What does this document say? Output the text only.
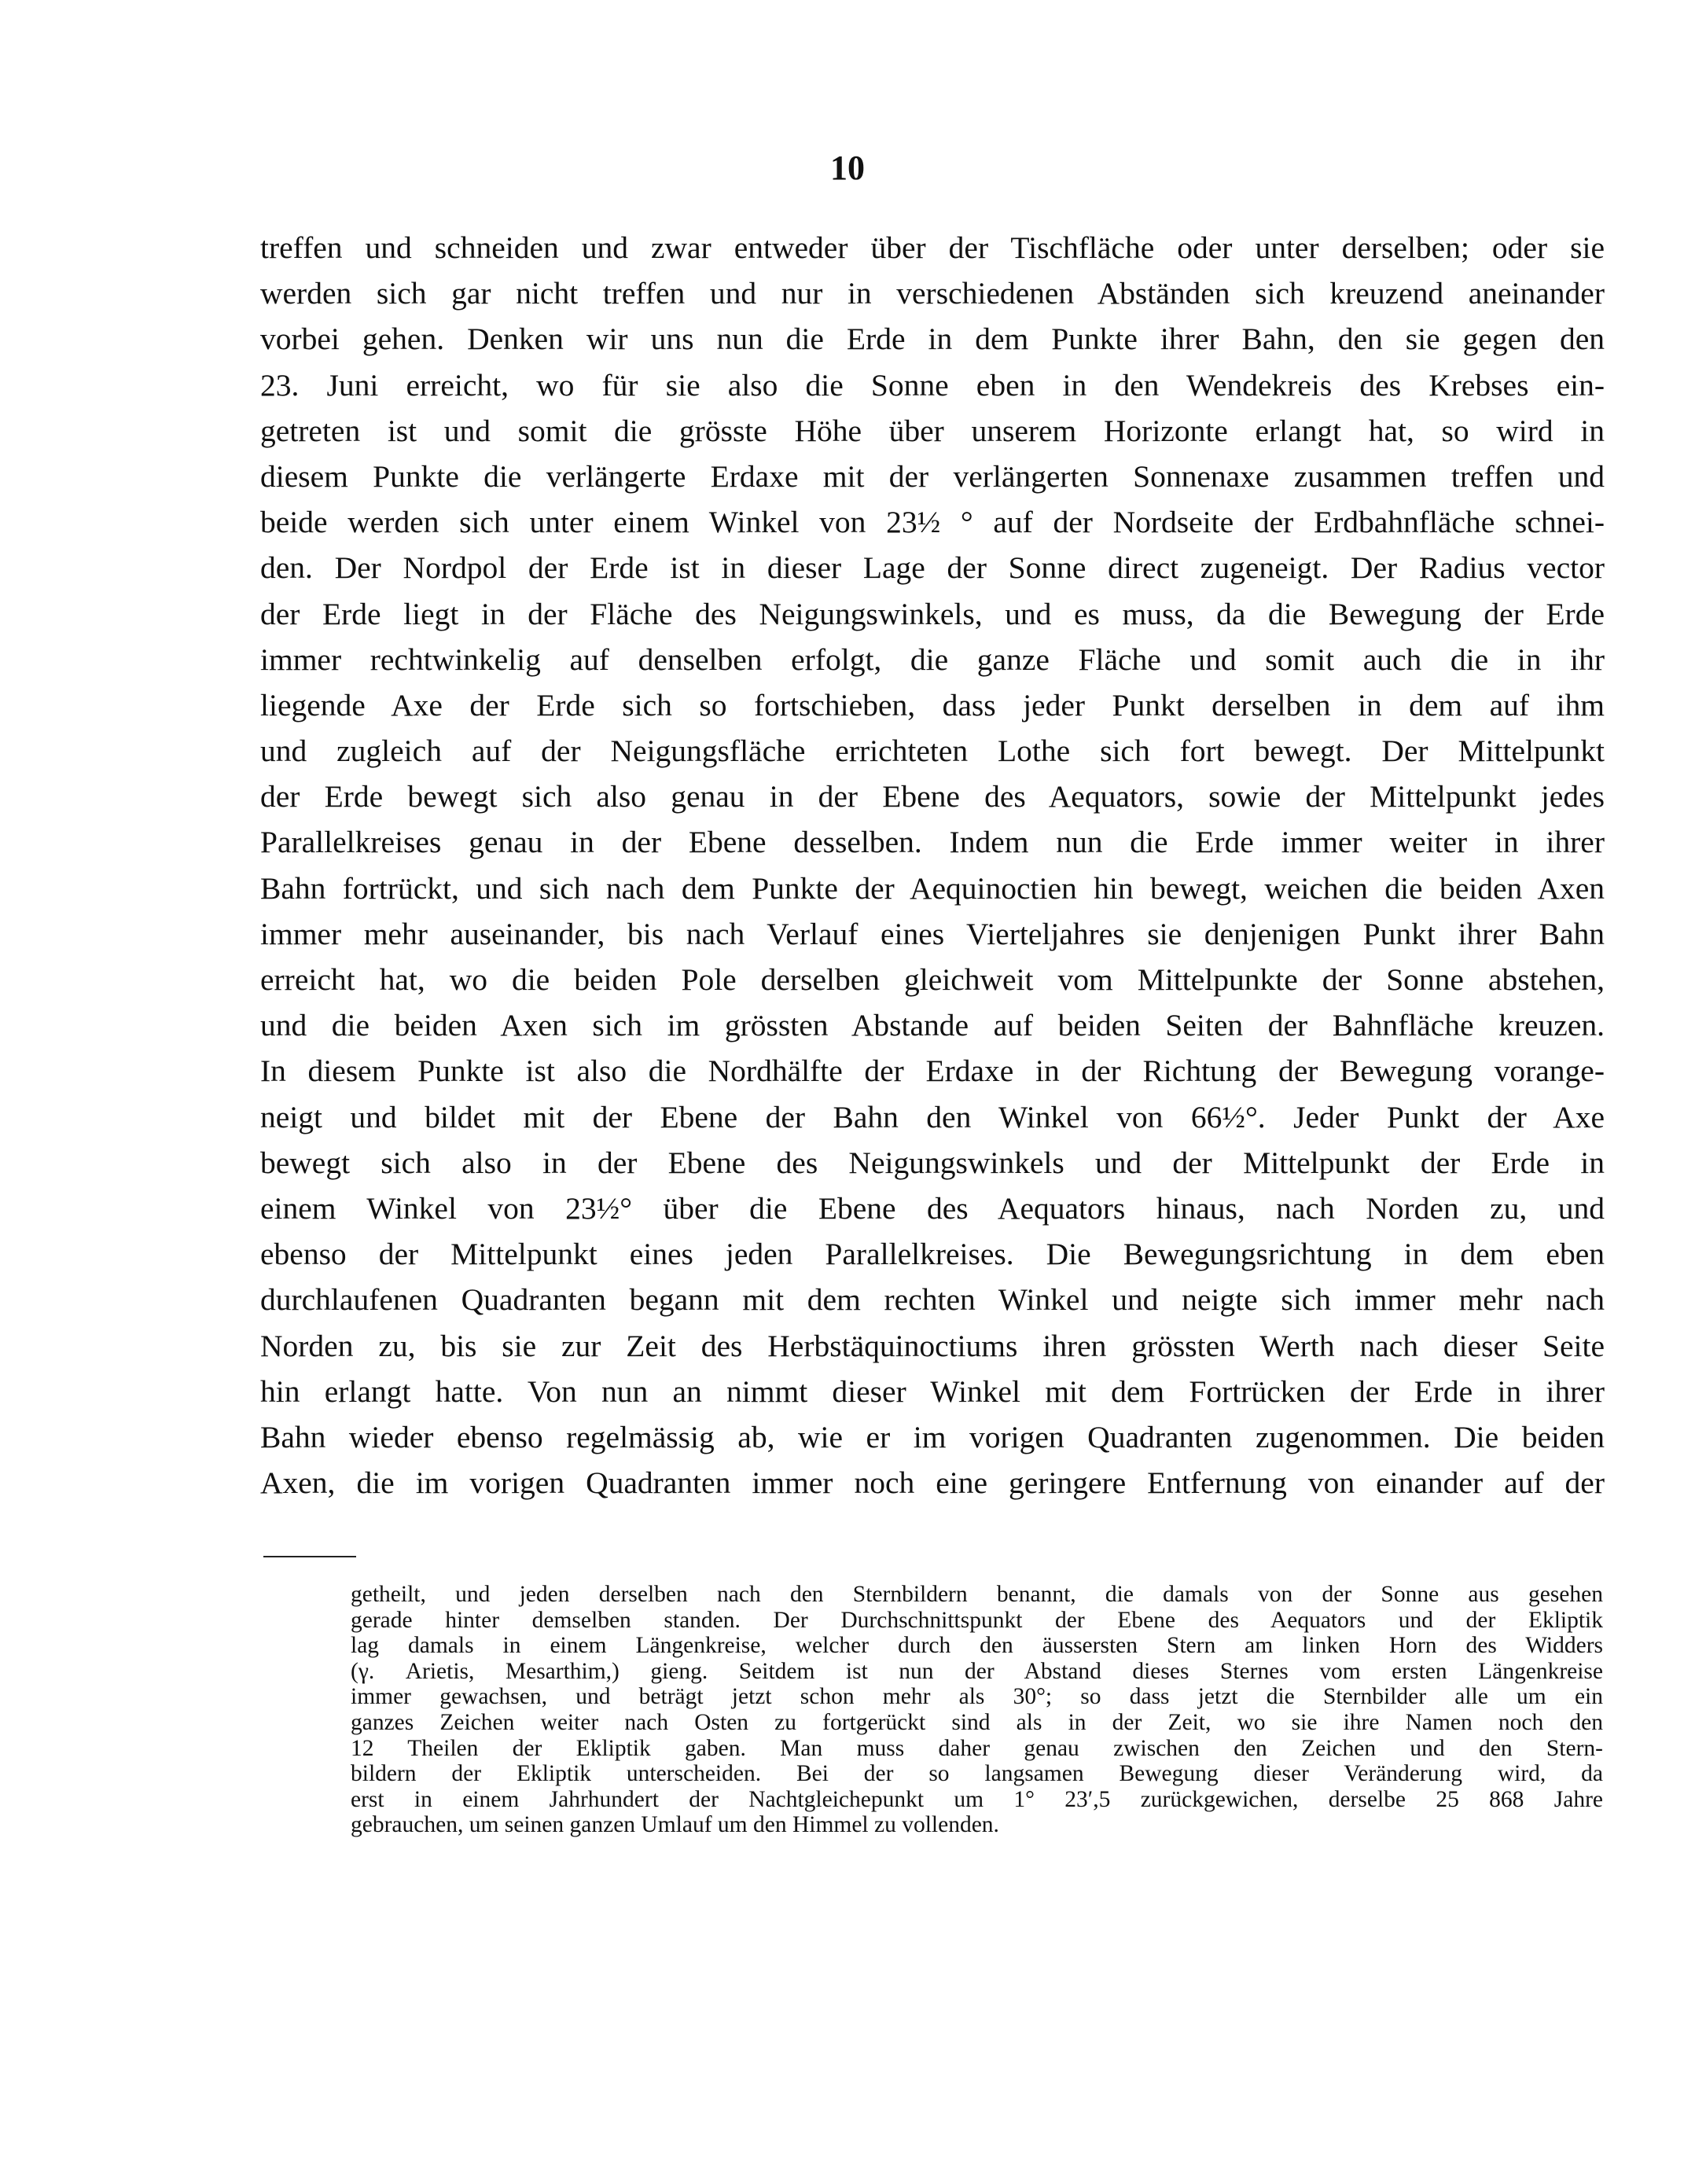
10
treffen und schneiden und zwar entweder über der Tischfläche oder unter derselben; oder sie
werden sich gar nicht treffen und nur in verschiedenen Abständen sich kreuzend aneinander
vorbei gehen. Denken wir uns nun die Erde in dem Punkte ihrer Bahn, den sie gegen den
23. Juni erreicht, wo für sie also die Sonne eben in den Wendekreis des Krebses ein-
getreten ist und somit die grösste Höhe über unserem Horizonte erlangt hat, so wird in
diesem Punkte die verlängerte Erdaxe mit der verlängerten Sonnenaxe zusammen treffen und
beide werden sich unter einem Winkel von 23½ ° auf der Nordseite der Erdbahnfläche schnei-
den. Der Nordpol der Erde ist in dieser Lage der Sonne direct zugeneigt. Der Radius vector
der Erde liegt in der Fläche des Neigungswinkels, und es muss, da die Bewegung der Erde
immer rechtwinkelig auf denselben erfolgt, die ganze Fläche und somit auch die in ihr
liegende Axe der Erde sich so fortschieben, dass jeder Punkt derselben in dem auf ihm
und zugleich auf der Neigungsfläche errichteten Lothe sich fort bewegt. Der Mittelpunkt
der Erde bewegt sich also genau in der Ebene des Aequators, sowie der Mittelpunkt jedes
Parallelkreises genau in der Ebene desselben. Indem nun die Erde immer weiter in ihrer
Bahn fortrückt, und sich nach dem Punkte der Aequinoctien hin bewegt, weichen die beiden Axen
immer mehr auseinander, bis nach Verlauf eines Vierteljahres sie denjenigen Punkt ihrer Bahn
erreicht hat, wo die beiden Pole derselben gleichweit vom Mittelpunkte der Sonne abstehen,
und die beiden Axen sich im grössten Abstande auf beiden Seiten der Bahnfläche kreuzen.
In diesem Punkte ist also die Nordhälfte der Erdaxe in der Richtung der Bewegung vorange-
neigt und bildet mit der Ebene der Bahn den Winkel von 66½°. Jeder Punkt der Axe
bewegt sich also in der Ebene des Neigungswinkels und der Mittelpunkt der Erde in
einem Winkel von 23½° über die Ebene des Aequators hinaus, nach Norden zu, und
ebenso der Mittelpunkt eines jeden Parallelkreises. Die Bewegungsrichtung in dem eben
durchlaufenen Quadranten begann mit dem rechten Winkel und neigte sich immer mehr nach
Norden zu, bis sie zur Zeit des Herbstäquinoctiums ihren grössten Werth nach dieser Seite
hin erlangt hatte. Von nun an nimmt dieser Winkel mit dem Fortrücken der Erde in ihrer
Bahn wieder ebenso regelmässig ab, wie er im vorigen Quadranten zugenommen. Die beiden
Axen, die im vorigen Quadranten immer noch eine geringere Entfernung von einander auf der
getheilt, und jeden derselben nach den Sternbildern benannt, die damals von der Sonne aus gesehen
gerade hinter demselben standen. Der Durchschnittspunkt der Ebene des Aequators und der Ekliptik
lag damals in einem Längenkreise, welcher durch den äussersten Stern am linken Horn des Widders
(γ. Arietis, Mesarthim,) gieng. Seitdem ist nun der Abstand dieses Sternes vom ersten Längenkreise
immer gewachsen, und beträgt jetzt schon mehr als 30°; so dass jetzt die Sternbilder alle um ein
ganzes Zeichen weiter nach Osten zu fortgerückt sind als in der Zeit, wo sie ihre Namen noch den
12 Theilen der Ekliptik gaben. Man muss daher genau zwischen den Zeichen und den Stern-
bildern der Ekliptik unterscheiden. Bei der so langsamen Bewegung dieser Veränderung wird, da
erst in einem Jahrhundert der Nachtgleichepunkt um 1° 23′,5 zurückgewichen, derselbe 25 868 Jahre
gebrauchen, um seinen ganzen Umlauf um den Himmel zu vollenden.
